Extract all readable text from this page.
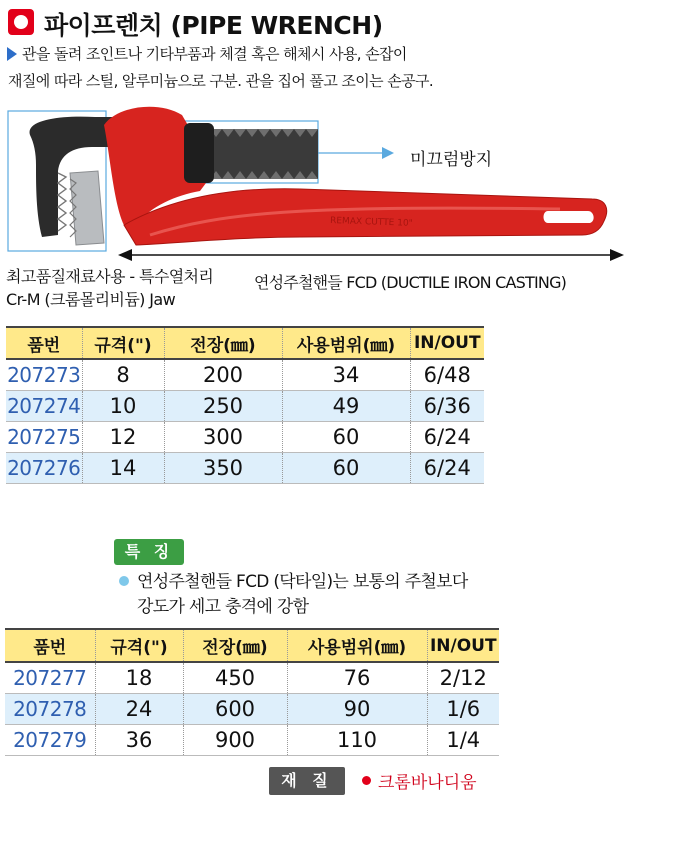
파이프렌치 (PIPE WRENCH)
관을 돌려 조인트나 기타부품과 체결 혹은 해체시 사용, 손잡이
재질에 따라 스틸, 알루미늄으로 구분. 관을 집어 풀고 조이는 손공구.
REMAX CUTTE 10"
미끄럼방지
최고품질재료사용 - 특수열처리
Cr-M (크롬몰리비듐) Jaw
연성주철핸들 FCD (DUCTILE IRON CASTING)
품번	규격(")	전장(㎜)	사용범위(㎜)	IN/OUT
207273	8	200	34	6/48
207274	10	250	49	6/36
207275	12	300	60	6/24
207276	14	350	60	6/24
특 징
연성주철핸들 FCD (닥타일)는 보통의 주철보다
강도가 세고 충격에 강함
품번	규격(")	전장(㎜)	사용범위(㎜)	IN/OUT
207277	18	450	76	2/12
207278	24	600	90	1/6
207279	36	900	110	1/4
재 질	크롬바나디움
